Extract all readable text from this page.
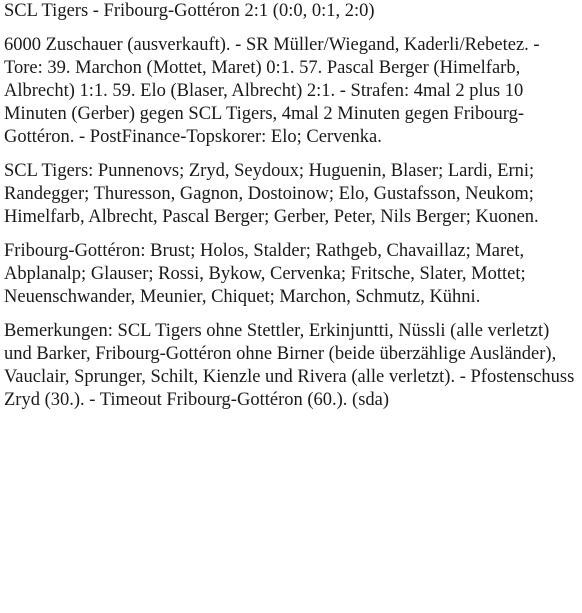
SCL Tigers - Fribourg-Gottéron 2:1 (0:0, 0:1, 2:0)

6000 Zuschauer (ausverkauft). - SR Müller/Wiegand, Kaderli/Rebetez. - Tore: 39. Marchon (Mottet, Maret) 0:1. 57. Pascal Berger (Himelfarb, Albrecht) 1:1. 59. Elo (Blaser, Albrecht) 2:1. - Strafen: 4mal 2 plus 10 Minuten (Gerber) gegen SCL Tigers, 4mal 2 Minuten gegen Fribourg-Gottéron. - PostFinance-Topskorer: Elo; Cervenka.

SCL Tigers: Punnenovs; Zryd, Seydoux; Huguenin, Blaser; Lardi, Erni; Randegger; Thuresson, Gagnon, Dostoinow; Elo, Gustafsson, Neukom; Himelfarb, Albrecht, Pascal Berger; Gerber, Peter, Nils Berger; Kuonen.

Fribourg-Gottéron: Brust; Holos, Stalder; Rathgeb, Chavaillaz; Maret, Abplanalp; Glauser; Rossi, Bykow, Cervenka; Fritsche, Slater, Mottet; Neuenschwander, Meunier, Chiquet; Marchon, Schmutz, Kühni.

Bemerkungen: SCL Tigers ohne Stettler, Erkinjuntti, Nüssli (alle verletzt) und Barker, Fribourg-Gottéron ohne Birner (beide überzählige Ausländer), Vauclair, Sprunger, Schilt, Kienzle und Rivera (alle verletzt). - Pfostenschuss Zryd (30.). - Timeout Fribourg-Gottéron (60.). (sda)
